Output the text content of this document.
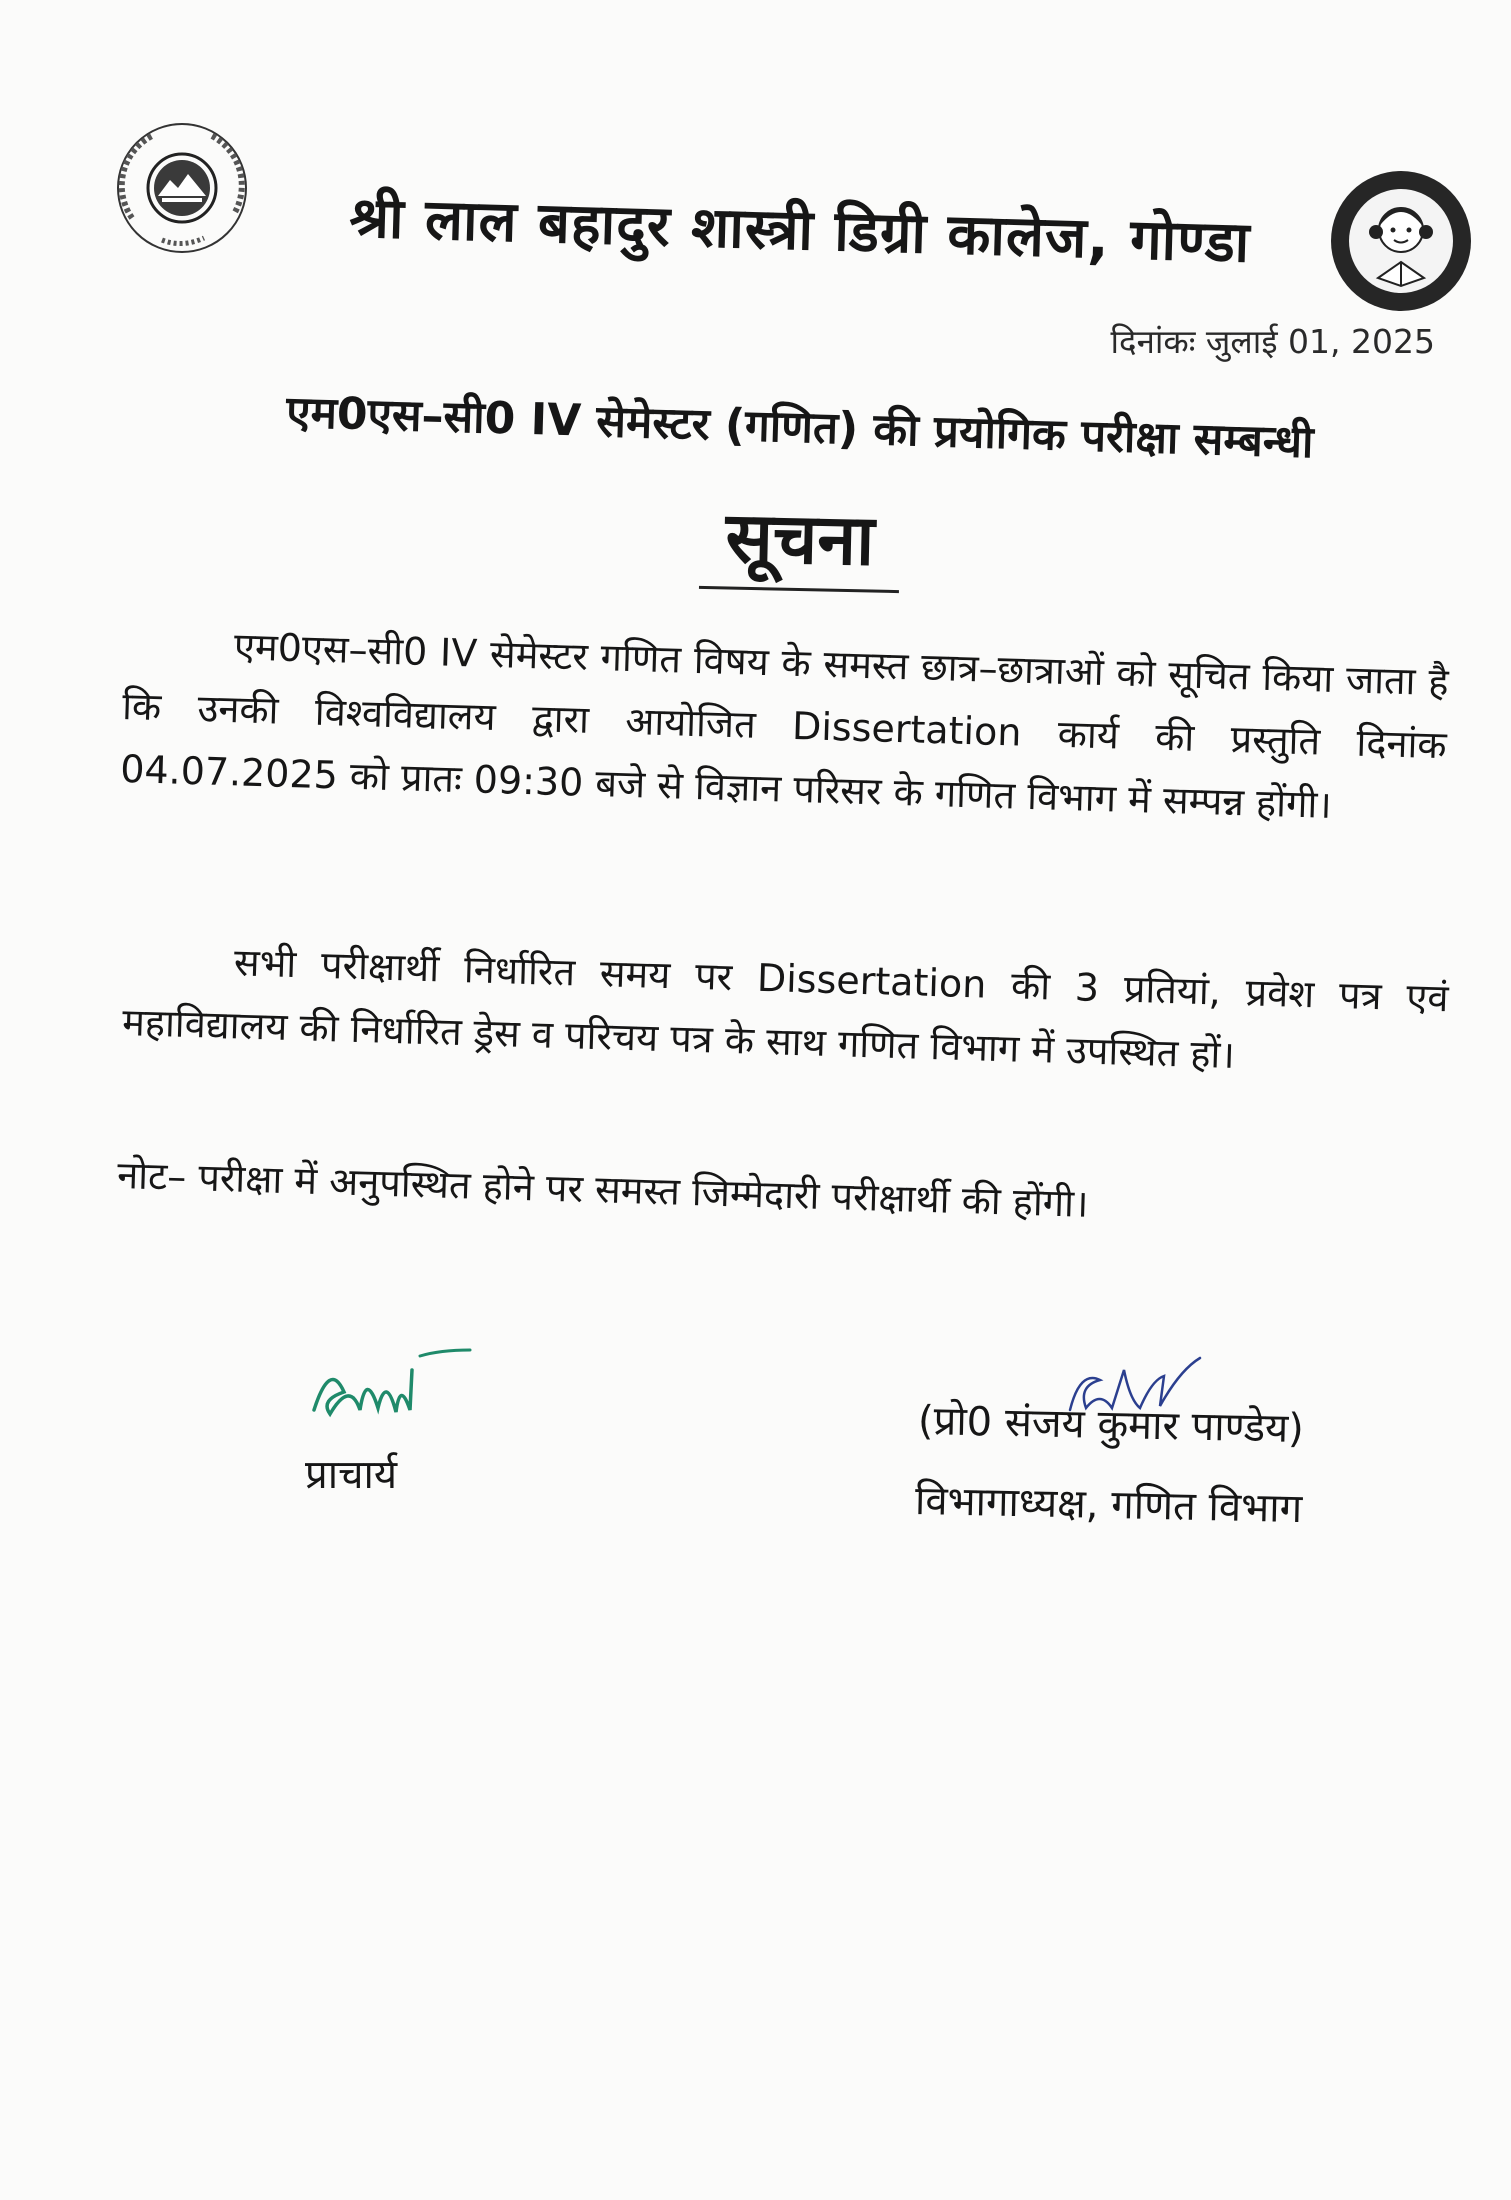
श्री लाल बहादुर शास्त्री डिग्री कालेज, गोण्डा
दिनांकः जुलाई 01, 2025
एम0एस–सी0 IV सेमेस्टर (गणित) की प्रयोगिक परीक्षा सम्बन्धी
सूचना
एम0एस–सी0 IV सेमेस्टर गणित विषय के समस्त छात्र–छात्राओं को सूचित किया जाता है कि उनकी विश्वविद्यालय द्वारा आयोजित Dissertation कार्य की प्रस्तुति दिनांक 04.07.2025 को प्रातः 09:30 बजे से विज्ञान परिसर के गणित विभाग में सम्पन्न होंगी।
सभी परीक्षार्थी निर्धारित समय पर Dissertation की 3 प्रतियां, प्रवेश पत्र एवं महाविद्यालय की निर्धारित ड्रेस व परिचय पत्र के साथ गणित विभाग में उपस्थित हों।
नोट– परीक्षा में अनुपस्थित होने पर समस्त जिम्मेदारी परीक्षार्थी की होंगी।
प्राचार्य
(प्रो0 संजय कुमार पाण्डेय)
विभागाध्यक्ष, गणित विभाग
